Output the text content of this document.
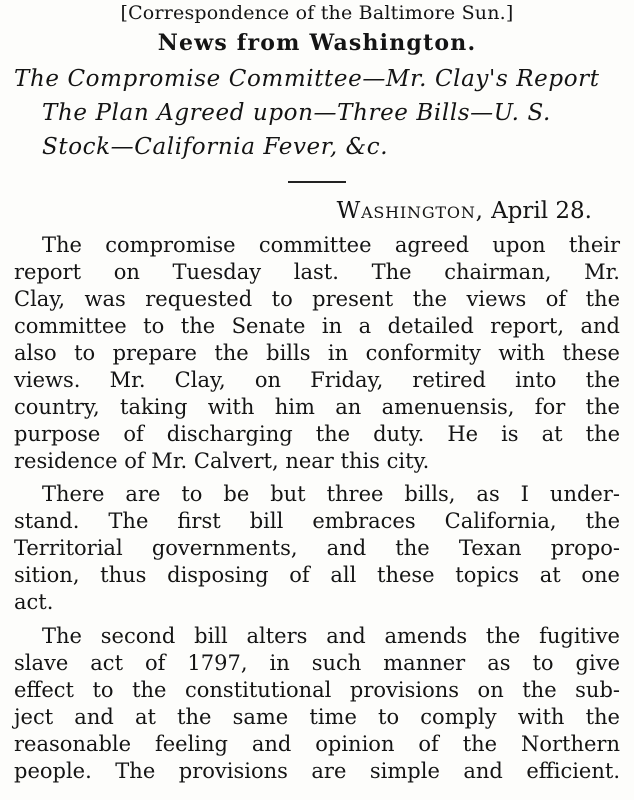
[Correspondence of the Baltimore Sun.]
News from Washington.
The Compromise Committee—Mr. Clay's Report
The Plan Agreed upon—Three Bills—U. S.
Stock—California Fever, &c.
Washington, April 28.
The compromise committee agreed upon their
report on Tuesday last. The chairman, Mr.
Clay, was requested to present the views of the
committee to the Senate in a detailed report, and
also to prepare the bills in conformity with these
views. Mr. Clay, on Friday, retired into the
country, taking with him an amenuensis, for the
purpose of discharging the duty. He is at the
residence of Mr. Calvert, near this city.
There are to be but three bills, as I under-
stand. The first bill embraces California, the
Territorial governments, and the Texan propo-
sition, thus disposing of all these topics at one
act.
The second bill alters and amends the fugitive
slave act of 1797, in such manner as to give
effect to the constitutional provisions on the sub-
ject and at the same time to comply with the
reasonable feeling and opinion of the Northern
people. The provisions are simple and efficient.
